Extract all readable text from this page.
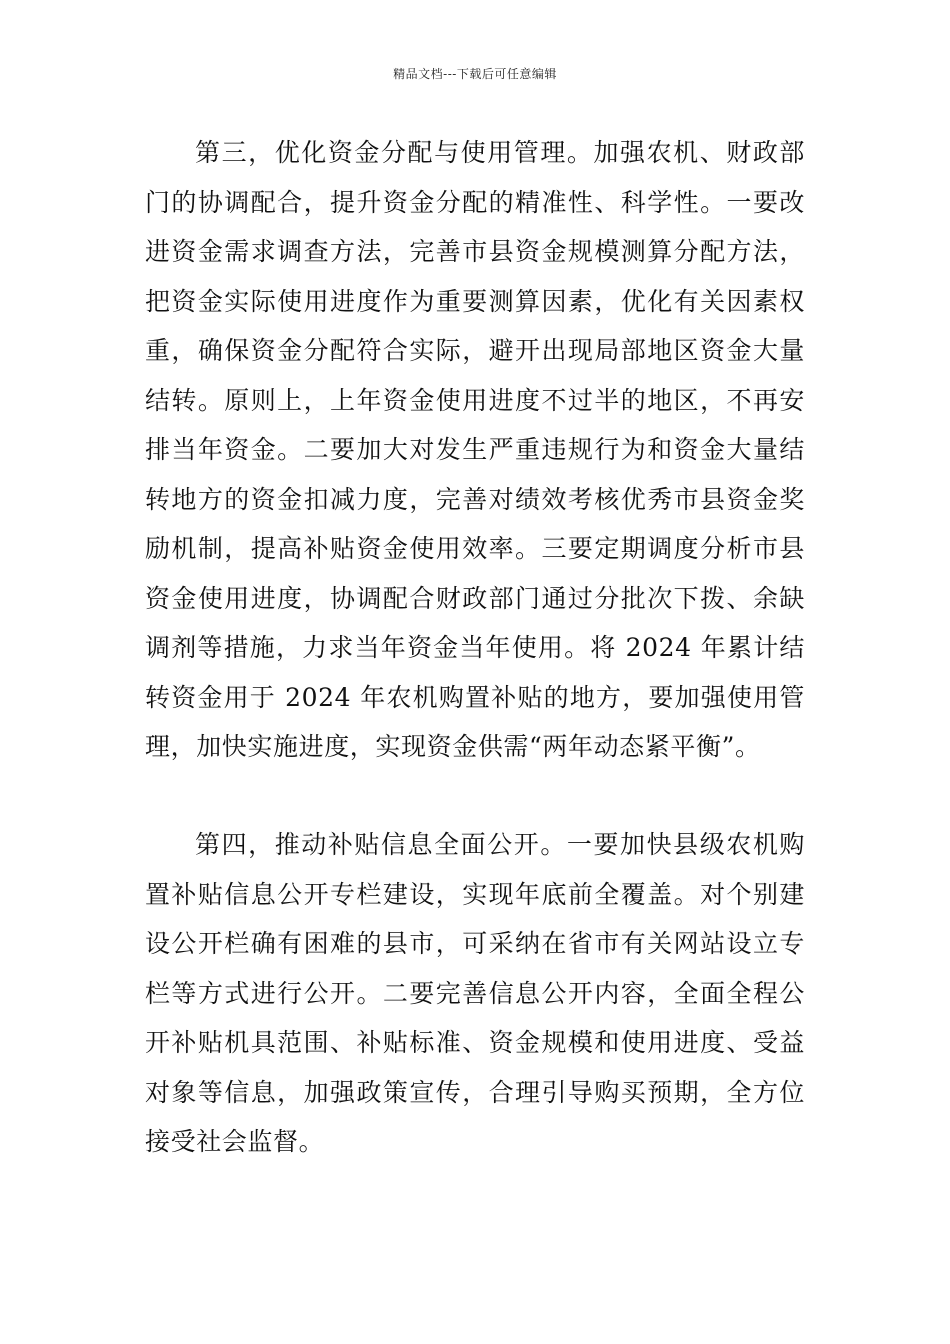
精品文档---下载后可任意编辑

第三，优化资金分配与使用管理。加强农机、财政部门的协调配合，提升资金分配的精准性、科学性。一要改进资金需求调查方法，完善市县资金规模测算分配方法，把资金实际使用进度作为重要测算因素，优化有关因素权重，确保资金分配符合实际，避开出现局部地区资金大量结转。原则上，上年资金使用进度不过半的地区，不再安排当年资金。二要加大对发生严重违规行为和资金大量结转地方的资金扣减力度，完善对绩效考核优秀市县资金奖励机制，提高补贴资金使用效率。三要定期调度分析市县资金使用进度，协调配合财政部门通过分批次下拨、余缺调剂等措施，力求当年资金当年使用。将 2024 年累计结转资金用于 2024 年农机购置补贴的地方，要加强使用管理，加快实施进度，实现资金供需“两年动态紧平衡”。

第四，推动补贴信息全面公开。一要加快县级农机购置补贴信息公开专栏建设，实现年底前全覆盖。对个别建设公开栏确有困难的县市，可采纳在省市有关网站设立专栏等方式进行公开。二要完善信息公开内容，全面全程公开补贴机具范围、补贴标准、资金规模和使用进度、受益对象等信息，加强政策宣传，合理引导购买预期，全方位接受社会监督。
